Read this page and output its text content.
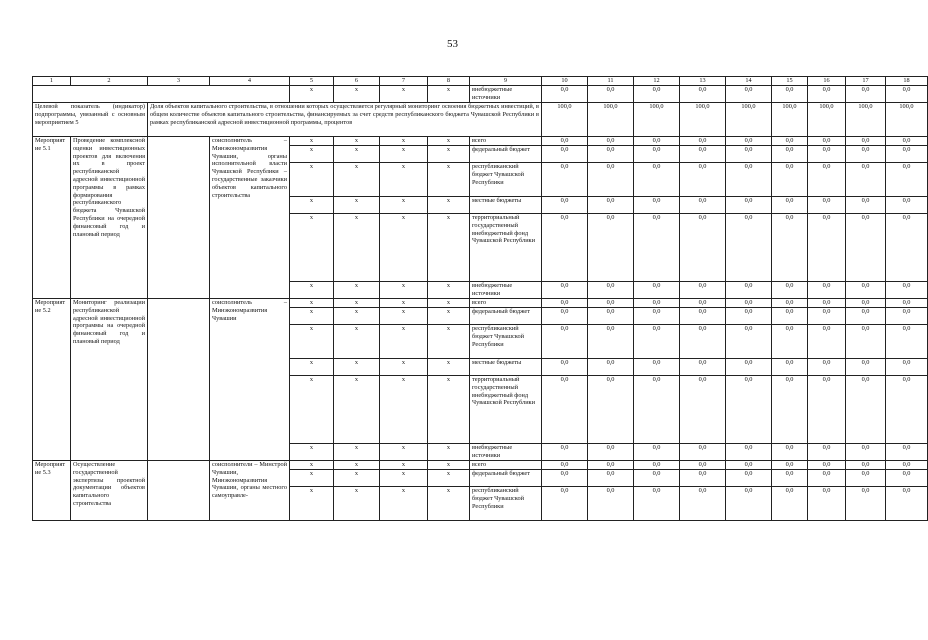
53
1	2	3	4	5	6	7	8	9	10	11	12	13	14	15	16	17	18
				x	x	x	x	внебюджетные источники	0,0	0,0	0,0	0,0	0,0	0,0	0,0	0,0	0,0
Целевой показатель (индикатор) подпрограммы, увязанный с основным мероприятием 5		Доля объектов капитального строительства, в отношении которых осуществляется регулярный мониторинг освоения бюджетных инвестиций, в общем количестве объектов капитального строительства, финансируемых за счет средств республиканского бюджета Чувашской Республики в рамках республиканской адресной инвестиционной программы, процентов							100,0	100,0	100,0	100,0	100,0	100,0	100,0	100,0	100,0
Мероприятие 5.1	Проведение комплексной оценки инвестиционных проектов для включения их в проект республиканской адресной инвестиционной программы в рамках формирования республиканского бюджета Чувашской Республики на очередной финансовый год и плановый период		соисполнитель – Минэкономразвития Чувашии, органы исполнительной власти Чувашской Республики – государственные заказчики объектов капитального строительства	x	x	x	x	всего	0,0	0,0	0,0	0,0	0,0	0,0	0,0	0,0	0,0
				x	x	x	x	федеральный бюджет	0,0	0,0	0,0	0,0	0,0	0,0	0,0	0,0	0,0
				x	x	x	x	республиканский бюджет Чувашской Республики	0,0	0,0	0,0	0,0	0,0	0,0	0,0	0,0	0,0
				x	x	x	x	местные бюджеты	0,0	0,0	0,0	0,0	0,0	0,0	0,0	0,0	0,0
				x	x	x	x	территориальный государственный внебюджетный фонд Чувашской Республики	0,0	0,0	0,0	0,0	0,0	0,0	0,0	0,0	0,0
				x	x	x	x	внебюджетные источники	0,0	0,0	0,0	0,0	0,0	0,0	0,0	0,0	0,0
Мероприятие 5.2	Мониторинг реализации республиканской адресной инвестиционной программы на очередной финансовый год и плановый период		соисполнитель – Минэкономразвития Чувашии	x	x	x	x	всего	0,0	0,0	0,0	0,0	0,0	0,0	0,0	0,0	0,0
				x	x	x	x	федеральный бюджет	0,0	0,0	0,0	0,0	0,0	0,0	0,0	0,0	0,0
				x	x	x	x	республиканский бюджет Чувашской Республики	0,0	0,0	0,0	0,0	0,0	0,0	0,0	0,0	0,0
				x	x	x	x	местные бюджеты	0,0	0,0	0,0	0,0	0,0	0,0	0,0	0,0	0,0
				x	x	x	x	территориальный государственный внебюджетный фонд Чувашской Республики	0,0	0,0	0,0	0,0	0,0	0,0	0,0	0,0	0,0
				x	x	x	x	внебюджетные источники	0,0	0,0	0,0	0,0	0,0	0,0	0,0	0,0	0,0
Мероприятие 5.3	Осуществление государственной экспертизы проектной документации объектов капитального строительства		соисполнители – Минстрой Чувашии, Минэкономразвития Чувашии, органы местного самоуправле-	x	x	x	x	всего	0,0	0,0	0,0	0,0	0,0	0,0	0,0	0,0	0,0
				x	x	x	x	федеральный бюджет	0,0	0,0	0,0	0,0	0,0	0,0	0,0	0,0	0,0
				x	x	x	x	республиканский бюджет Чувашской Республики	0,0	0,0	0,0	0,0	0,0	0,0	0,0	0,0	0,0
